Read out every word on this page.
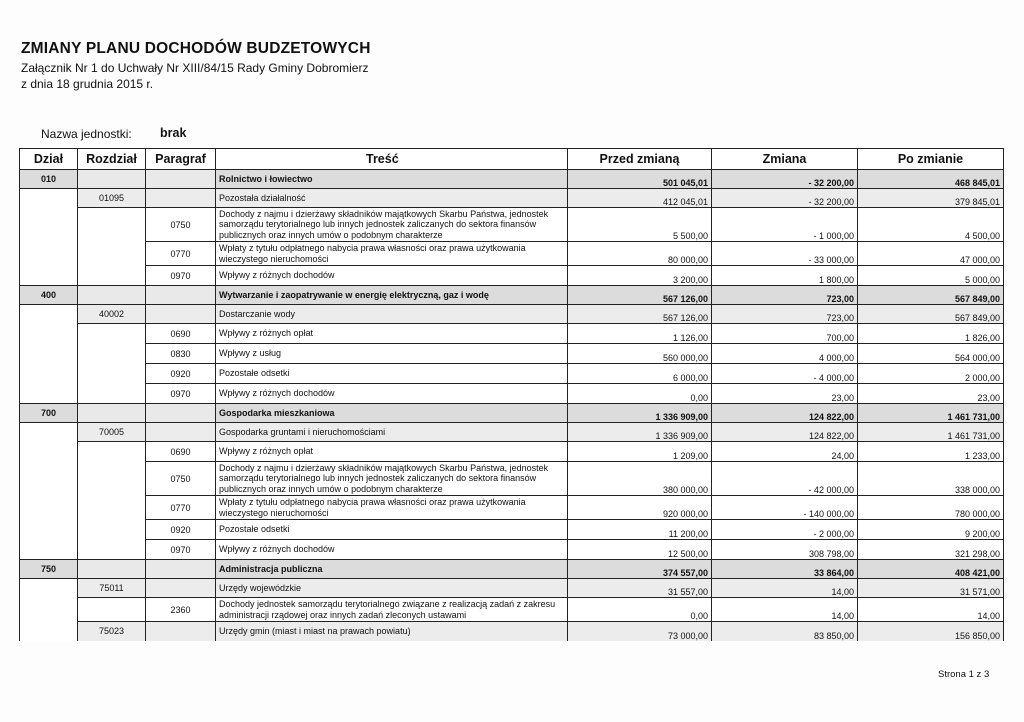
ZMIANY PLANU DOCHODÓW BUDZETOWYCH
Załącznik Nr 1 do Uchwały Nr XIII/84/15 Rady Gminy Dobromierz
z dnia 18 grudnia 2015 r.
Nazwa jednostki: brak
Dział	Rozdział	Paragraf	Treść	Przed zmianą	Zmiana	Po zmianie
010			Rolnictwo i łowiectwo	501 045,01	- 32 200,00	468 845,01
	01095		Pozostała działalność	412 045,01	- 32 200,00	379 845,01
		0750	Dochody z najmu i dzierżawy składników majątkowych Skarbu Państwa, jednostek samorządu terytorialnego lub innych jednostek zaliczanych do sektora finansów publicznych oraz innych umów o podobnym charakterze	5 500,00	- 1 000,00	4 500,00
		0770	Wpłaty z tytułu odpłatnego nabycia prawa własności oraz prawa użytkowania wieczystego nieruchomości	80 000,00	- 33 000,00	47 000,00
		0970	Wpływy z różnych dochodów	3 200,00	1 800,00	5 000,00
400			Wytwarzanie i zaopatrywanie w energię elektryczną, gaz i wodę	567 126,00	723,00	567 849,00
	40002		Dostarczanie wody	567 126,00	723,00	567 849,00
		0690	Wpływy z różnych opłat	1 126,00	700,00	1 826,00
		0830	Wpływy z usług	560 000,00	4 000,00	564 000,00
		0920	Pozostałe odsetki	6 000,00	- 4 000,00	2 000,00
		0970	Wpływy z różnych dochodów	0,00	23,00	23,00
700			Gospodarka mieszkaniowa	1 336 909,00	124 822,00	1 461 731,00
	70005		Gospodarka gruntami i nieruchomościami	1 336 909,00	124 822,00	1 461 731,00
		0690	Wpływy z różnych opłat	1 209,00	24,00	1 233,00
		0750	Dochody z najmu i dzierżawy składników majątkowych Skarbu Państwa, jednostek samorządu terytorialnego lub innych jednostek zaliczanych do sektora finansów publicznych oraz innych umów o podobnym charakterze	380 000,00	- 42 000,00	338 000,00
		0770	Wpłaty z tytułu odpłatnego nabycia prawa własności oraz prawa użytkowania wieczystego nieruchomości	920 000,00	- 140 000,00	780 000,00
		0920	Pozostałe odsetki	11 200,00	- 2 000,00	9 200,00
		0970	Wpływy z różnych dochodów	12 500,00	308 798,00	321 298,00
750			Administracja publiczna	374 557,00	33 864,00	408 421,00
	75011		Urzędy wojewódzkie	31 557,00	14,00	31 571,00
		2360	Dochody jednostek samorządu terytorialnego związane z realizacją zadań z zakresu administracji rządowej oraz innych zadań zleconych ustawami	0,00	14,00	14,00
	75023		Urzędy gmin (miast i miast na prawach powiatu)	73 000,00	83 850,00	156 850,00
Strona 1 z 3
